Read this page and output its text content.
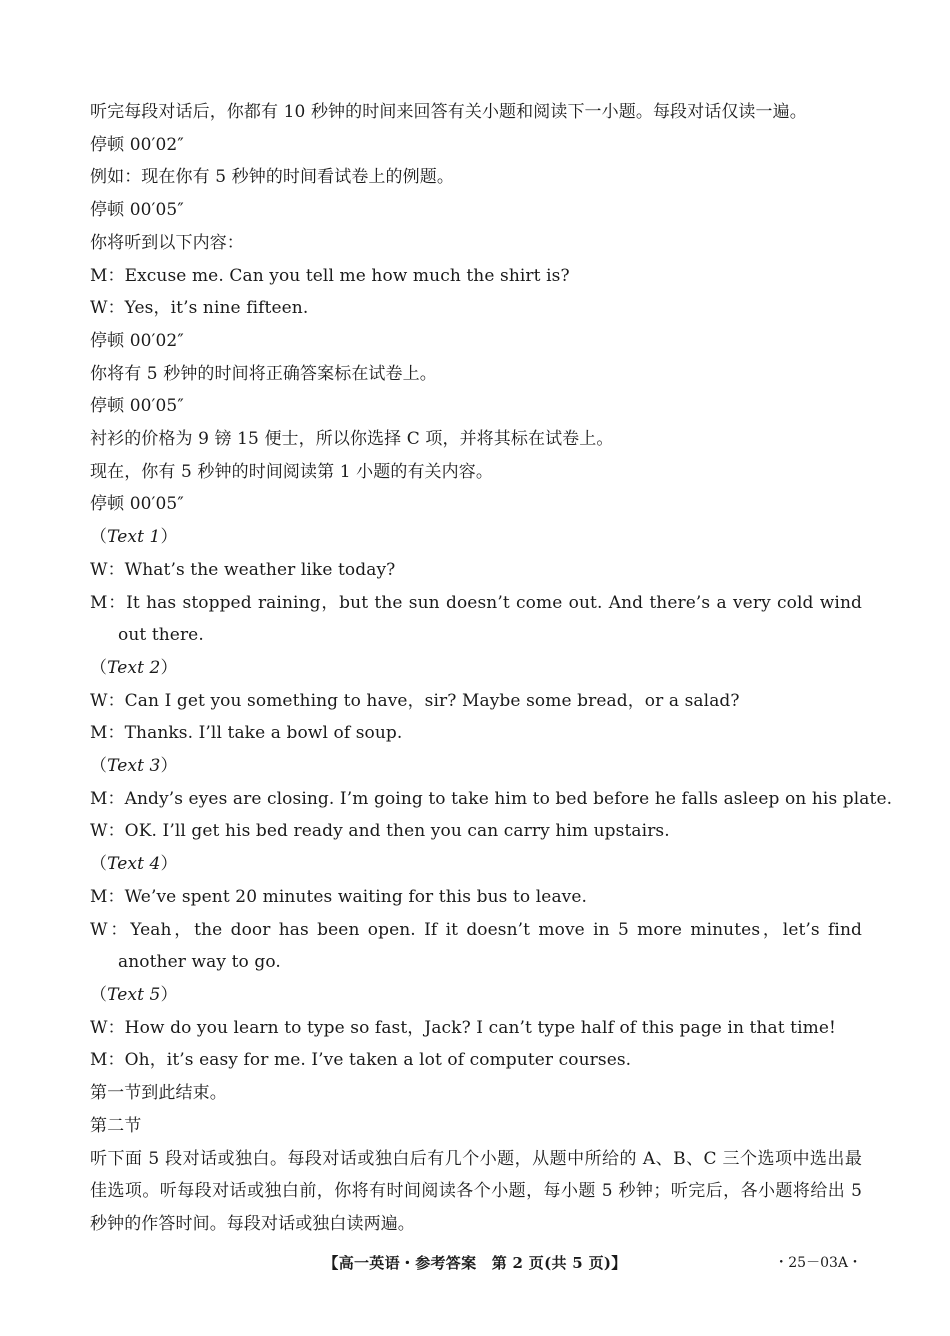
听完每段对话后，你都有 10 秒钟的时间来回答有关小题和阅读下一小题。每段对话仅读一遍。
停顿 00′02″
例如：现在你有 5 秒钟的时间看试卷上的例题。
停顿 00′05″
你将听到以下内容：
M：Excuse me. Can you tell me how much the shirt is?
W：Yes，it’s nine fifteen.
停顿 00′02″
你将有 5 秒钟的时间将正确答案标在试卷上。
停顿 00′05″
衬衫的价格为 9 镑 15 便士，所以你选择 C 项，并将其标在试卷上。
现在，你有 5 秒钟的时间阅读第 1 小题的有关内容。
停顿 00′05″
（Text 1）
W：What’s the weather like today?
M：It has stopped raining，but the sun doesn’t come out. And there’s a very cold wind out there.
（Text 2）
W：Can I get you something to have，sir? Maybe some bread，or a salad?
M：Thanks. I’ll take a bowl of soup.
（Text 3）
M：Andy’s eyes are closing. I’m going to take him to bed before he falls asleep on his plate.
W：OK. I’ll get his bed ready and then you can carry him upstairs.
（Text 4）
M：We’ve spent 20 minutes waiting for this bus to leave.
W：Yeah，the door has been open. If it doesn’t move in 5 more minutes，let’s find another way to go.
（Text 5）
W：How do you learn to type so fast，Jack? I can’t type half of this page in that time!
M：Oh，it’s easy for me. I’ve taken a lot of computer courses.
第一节到此结束。
第二节
听下面 5 段对话或独白。每段对话或独白后有几个小题，从题中所给的 A、B、C 三个选项中选出最佳选项。听每段对话或独白前，你将有时间阅读各个小题，每小题 5 秒钟；听完后，各小题将给出 5 秒钟的作答时间。每段对话或独白读两遍。
【高一英语・参考答案　第 2 页(共 5 页)】	・25－03A・
